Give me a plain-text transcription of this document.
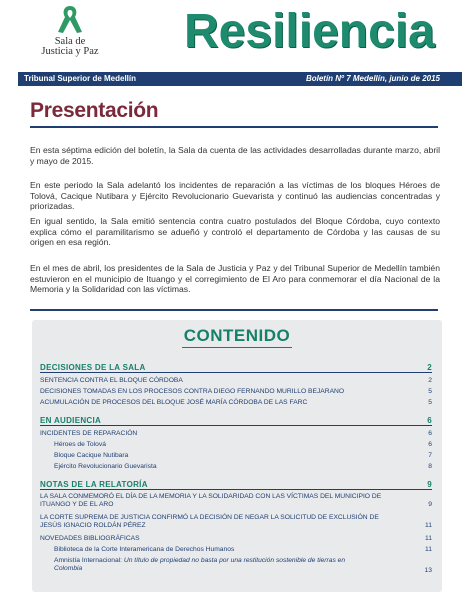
Sala de
Justicia y Paz	Resiliencia
Tribunal Superior de Medellín	Boletín Nº 7 Medellín, junio de 2015
Presentación

En esta séptima edición del boletín, la Sala da cuenta de las actividades desarrolladas durante marzo, abril y mayo de 2015.

En este periodo la Sala adelantó los incidentes de reparación a las víctimas de los bloques Héroes de Tolová, Cacique Nutibara y Ejército Revolucionario Guevarista y continuó las audiencias concentradas y priorizadas.

En igual sentido, la Sala emitió sentencia contra cuatro postulados del Bloque Córdoba, cuyo contexto explica cómo el paramilitarismo se adueñó y controló el departamento de Córdoba y las causas de su origen en esa región.

En el mes de abril, los presidentes de la Sala de Justicia y Paz y del Tribunal Superior de Medellín también estuvieron en el municipio de Ituango y el corregimiento de El Aro para conmemorar el día Nacional de la Memoria y la Solidaridad con las víctimas.

CONTENIDO
DECISIONES DE LA SALA	2
SENTENCIA CONTRA EL BLOQUE CÓRDOBA	2
DECISIONES TOMADAS EN LOS PROCESOS CONTRA DIEGO FERNANDO MURILLO BEJARANO	5
ACUMULACIÓN DE PROCESOS DEL BLOQUE JOSÉ MARÍA CÓRDOBA DE LAS FARC	5
EN AUDIENCIA	6
INCIDENTES DE REPARACIÓN	6
Héroes de Tolová	6
Bloque Cacique Nutibara	7
Ejército Revolucionario Guevarista	8
NOTAS DE LA RELATORÍA	9
LA SALA CONMEMORÓ EL DÍA DE LA MEMORIA Y LA SOLIDARIDAD CON LAS VÍCTIMAS DEL MUNICIPIO DE ITUANGO Y DE EL ARO	9
LA CORTE SUPREMA DE JUSTICIA CONFIRMÓ LA DECISIÓN DE NEGAR LA SOLICITUD DE EXCLUSIÓN DE JESÚS IGNACIO ROLDÁN PÉREZ	11
NOVEDADES BIBLIOGRÁFICAS	11
Biblioteca de la Corte Interamericana de Derechos Humanos	11
Amnistía Internacional: Un título de propiedad no basta por una restitución sostenible de tierras en Colombia	13
